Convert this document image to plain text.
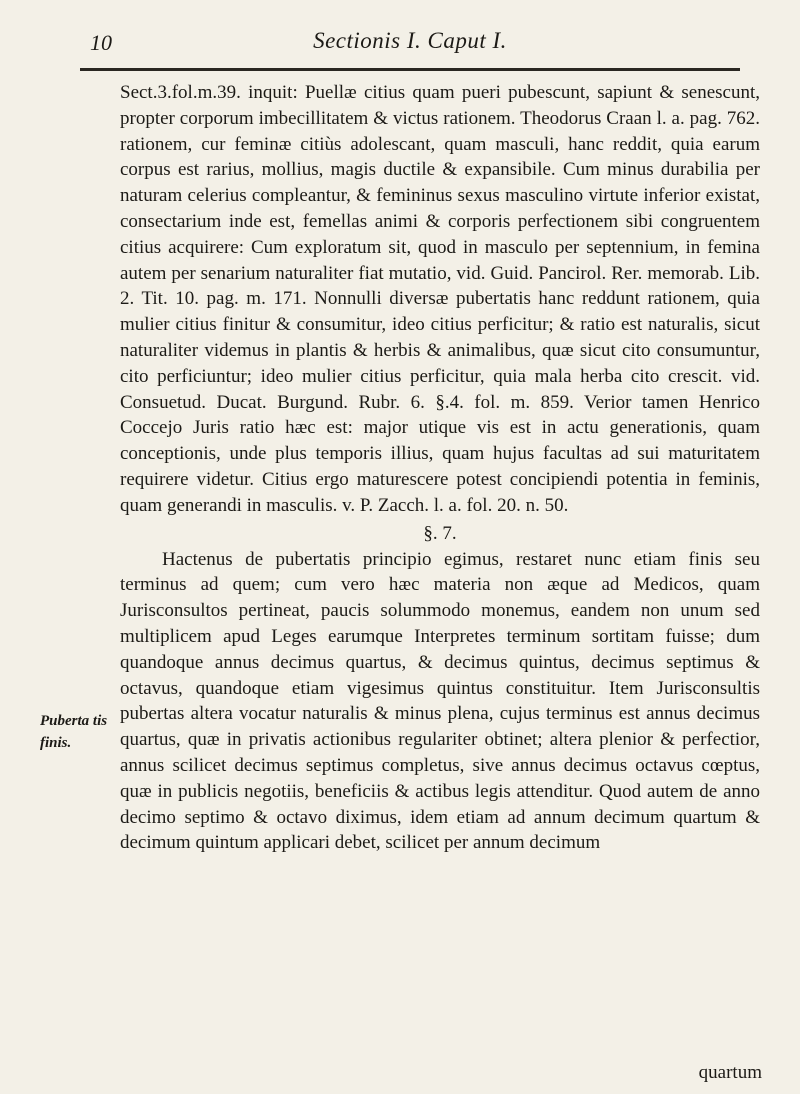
10	Sectionis I. Caput I.

Sect.3.fol.m.39. inquit: Puellæ citius quam pueri pubescunt, sapiunt & senescunt, propter corporum imbecillitatem & victus rationem. Theodorus Craan l. a. pag. 762. rationem, cur feminæ citiùs adolescant, quam masculi, hanc reddit, quia earum corpus est rarius, mollius, magis ductile & expansibile. Cum minus durabilia per naturam celerius compleantur, & femininus sexus masculino virtute inferior existat, consectarium inde est, femellas animi & corporis perfectionem sibi congruentem citius acquirere: Cum exploratum sit, quod in masculo per septennium, in femina autem per senarium naturaliter fiat mutatio, vid. Guid. Pancirol. Rer. memorab. Lib. 2. Tit. 10. pag. m. 171. Nonnulli diversæ pubertatis hanc reddunt rationem, quia mulier citius finitur & consumitur, ideo citius perficitur; & ratio est naturalis, sicut naturaliter videmus in plantis & herbis & animalibus, quæ sicut cito consumuntur, cito perficiuntur; ideo mulier citius perficitur, quia mala herba cito crescit. vid. Consuetud. Ducat. Burgund. Rubr. 6. §.4. fol. m. 859. Verior tamen Henrico Coccejo Juris ratio hæc est: major utique vis est in actu generationis, quam conceptionis, unde plus temporis illius, quam hujus facultas ad sui maturitatem requirere videtur. Citius ergo maturescere potest concipiendi potentia in feminis, quam generandi in masculis. v. P. Zacch. l. a. fol. 20. n. 50.

§. 7.

Hactenus de pubertatis principio egimus, restaret nunc etiam finis seu terminus ad quem; cum vero hæc materia non æque ad Medicos, quam Jurisconsultos pertineat, paucis solummodo monemus, eandem non unum sed multiplicem apud Leges earumque Interpretes terminum sortitam fuisse; dum quandoque annus decimus quartus, & decimus quintus, decimus septimus & octavus, quandoque etiam vigesimus quintus constituitur. Item Jurisconsultis pubertas altera vocatur naturalis & minus plena, cujus terminus est annus decimus quartus, quæ in privatis actionibus regulariter obtinet; altera plenior & perfectior, annus scilicet decimus septimus completus, sive annus decimus octavus cœptus, quæ in publicis negotiis, beneficiis & actibus legis attenditur. Quod autem de anno decimo septimo & octavo diximus, idem etiam ad annum decimum quartum & decimum quintum applicari debet, scilicet per annum decimum

Puberta tis
finis.
quartum
